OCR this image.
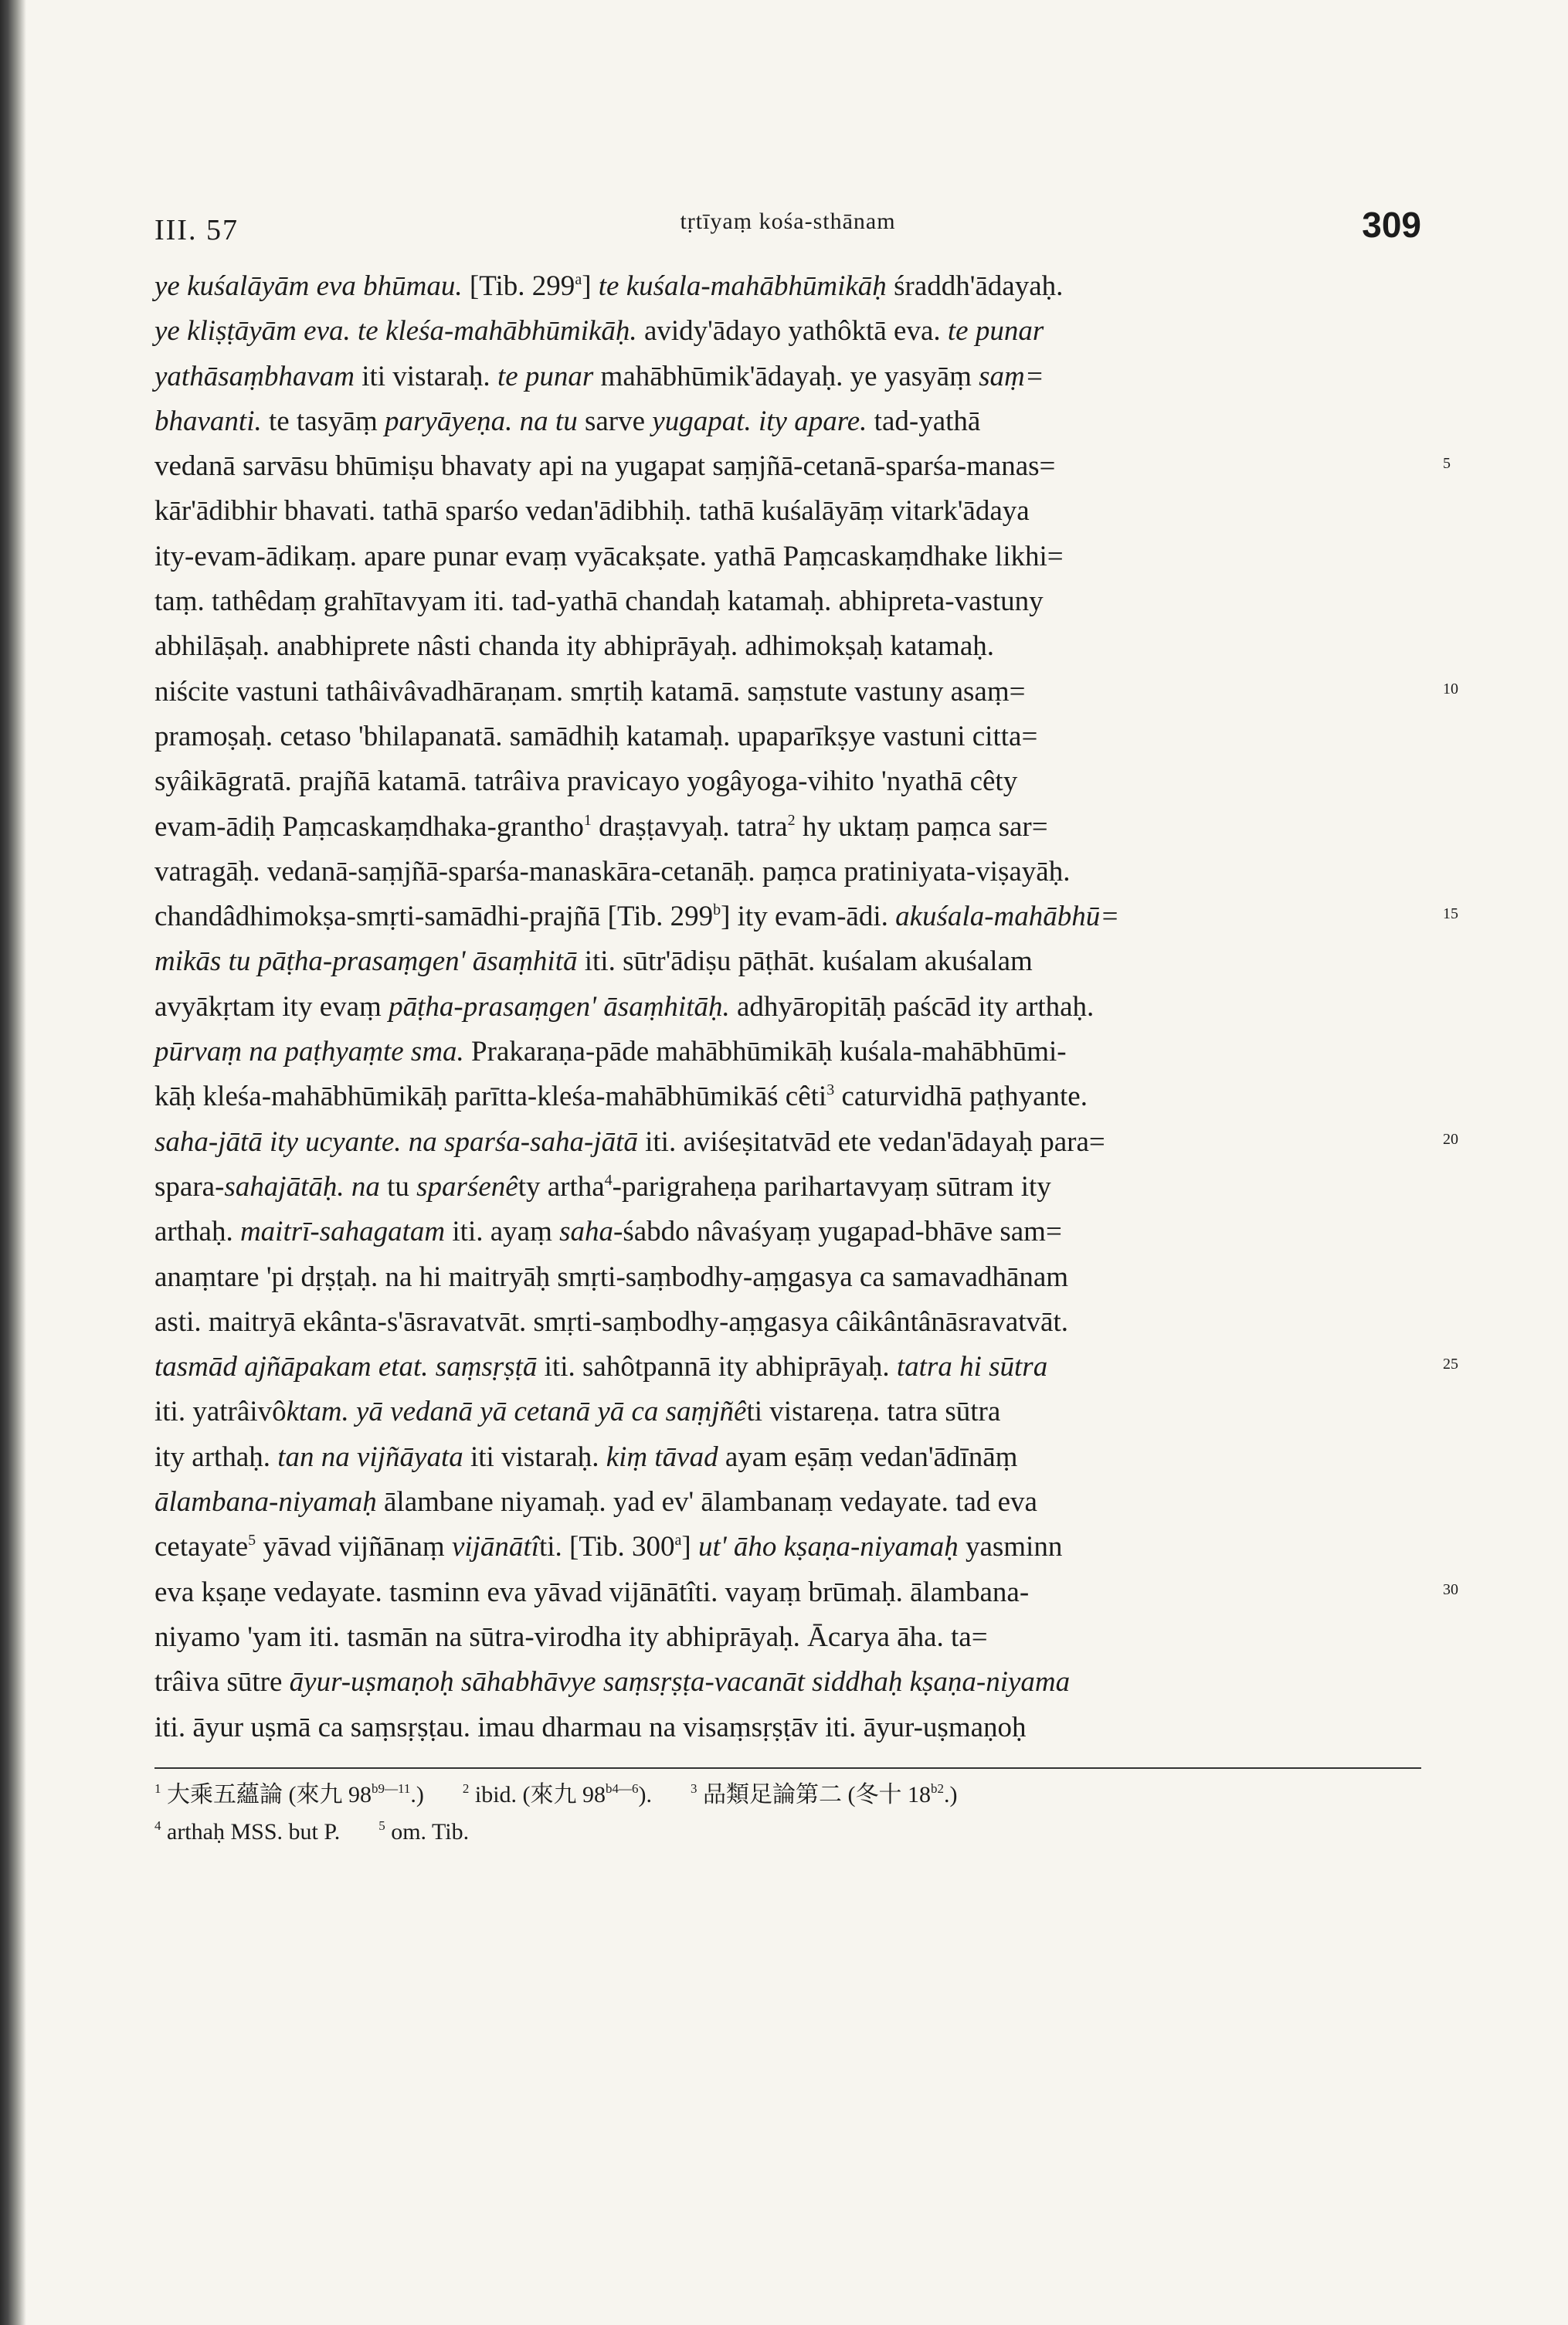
III. 57	tṛtīyaṃ kośa-sthānam	309
ye kuśalāyām eva bhūmau. [Tib. 299$^a$] te kuśala-mahābhūmikāḥ śraddh'ādayaḥ.
ye kliṣṭāyām eva. te kleśa-mahābhūmikāḥ. avidy'ādayo yathôktā eva. te punar
yathāsaṃbhavam iti vistaraḥ. te punar mahābhūmik'ādayaḥ. ye yasyāṃ saṃ=
bhavanti. te tasyāṃ paryāyeṇa. na tu sarve yugapat. ity apare. tad-yathā
vedanā sarvāsu bhūmiṣu bhavaty api na yugapat saṃjñā-cetanā-sparśa-manas=	5
kār'ādibhir bhavati. tathā sparśo vedan'ādibhiḥ. tathā kuśalāyāṃ vitark'ādaya
ity-evam-ādikaṃ. apare punar evaṃ vyācakṣate. yathā Paṃcaskaṃdhake likhi=
taṃ. tathêdaṃ grahītavyam iti. tad-yathā chandaḥ katamaḥ. abhipreta-vastuny
abhilāṣaḥ. anabhiprete nâsti chanda ity abhiprāyaḥ. adhimokṣaḥ katamaḥ.
niścite vastuni tathâivâvadhāraṇam. smṛtiḥ katamā. saṃstute vastuny asaṃ=	10
pramoṣaḥ. cetaso 'bhilapanatā. samādhiḥ katamaḥ. upaparīkṣye vastuni citta=
syâikāgratā. prajñā katamā. tatrâiva pravicayo yogâyoga-vihito 'nyathā cêty
evam-ādiḥ Paṃcaskaṃdhaka-grantho$^1$ draṣṭavyaḥ. tatra$^2$ hy uktaṃ paṃca sar=
vatragāḥ. vedanā-saṃjñā-sparśa-manaskāra-cetanāḥ. paṃca pratiniyata-viṣayāḥ.
chandâdhimokṣa-smṛti-samādhi-prajñā [Tib. 299$^b$] ity evam-ādi. akuśala-mahābhū=	15
mikās tu pāṭha-prasaṃgen' āsaṃhitā iti. sūtr'ādiṣu pāṭhāt. kuśalam akuśalam
avyākṛtam ity evaṃ pāṭha-prasaṃgen' āsaṃhitāḥ. adhyāropitāḥ paścād ity arthaḥ.
pūrvaṃ na paṭhyaṃte sma. Prakaraṇa-pāde mahābhūmikāḥ kuśala-mahābhūmi-
kāḥ kleśa-mahābhūmikāḥ parītta-kleśa-mahābhūmikāś cêti$^3$ caturvidhā paṭhyante.
saha-jātā ity ucyante. na sparśa-saha-jātā iti. aviśeṣitatvād ete vedan'ādayaḥ para=	20
spara-sahajātāḥ. na tu sparśenêty artha$^4$-parigraheṇa parihartavyaṃ sūtram ity
arthaḥ. maitrī-sahagatam iti. ayaṃ saha-śabdo nâvaśyaṃ yugapad-bhāve sam=
anaṃtare 'pi dṛṣṭaḥ. na hi maitryāḥ smṛti-saṃbodhy-aṃgasya ca samavadhānam
asti. maitryā ekânta-s'āsravatvāt. smṛti-saṃbodhy-aṃgasya câikântânāsravatvāt.
tasmād ajñāpakam etat. saṃsṛṣṭā iti. sahôtpannā ity abhiprāyaḥ. tatra hi sūtra	25
iti. yatrâivôktam. yā vedanā yā cetanā yā ca saṃjñêti vistareṇa. tatra sūtra
ity arthaḥ. tan na vijñāyata iti vistaraḥ. kiṃ tāvad ayam eṣāṃ vedan'ādīnāṃ
ālambana-niyamaḥ ālambane niyamaḥ. yad ev' ālambanaṃ vedayate. tad eva
cetayate$^5$ yāvad vijñānaṃ vijānātîti. [Tib. 300$^a$] ut' āho kṣaṇa-niyamaḥ yasminn
eva kṣaṇe vedayate. tasminn eva yāvad vijānātîti. vayaṃ brūmaḥ. ālambana-	30
niyamo 'yam iti. tasmān na sūtra-virodha ity abhiprāyaḥ. Ācarya āha. ta=
trâiva sūtre āyur-uṣmaṇoḥ sāhabhāvye saṃsṛṣṭa-vacanāt siddhaḥ kṣaṇa-niyama
iti. āyur uṣmā ca saṃsṛṣṭau. imau dharmau na visaṃsṛṣṭāv iti. āyur-uṣmaṇoḥ
$^1$ 大乘五蘊論 (來九 $98^{b9—11}$.)	$^2$ ibid. (來九 $98^{b4—6}$).	$^3$ 品類足論第二 (冬十 $18^{b2}$.)
$^4$ arthaḥ MSS. but P.	$^5$ om. Tib.
